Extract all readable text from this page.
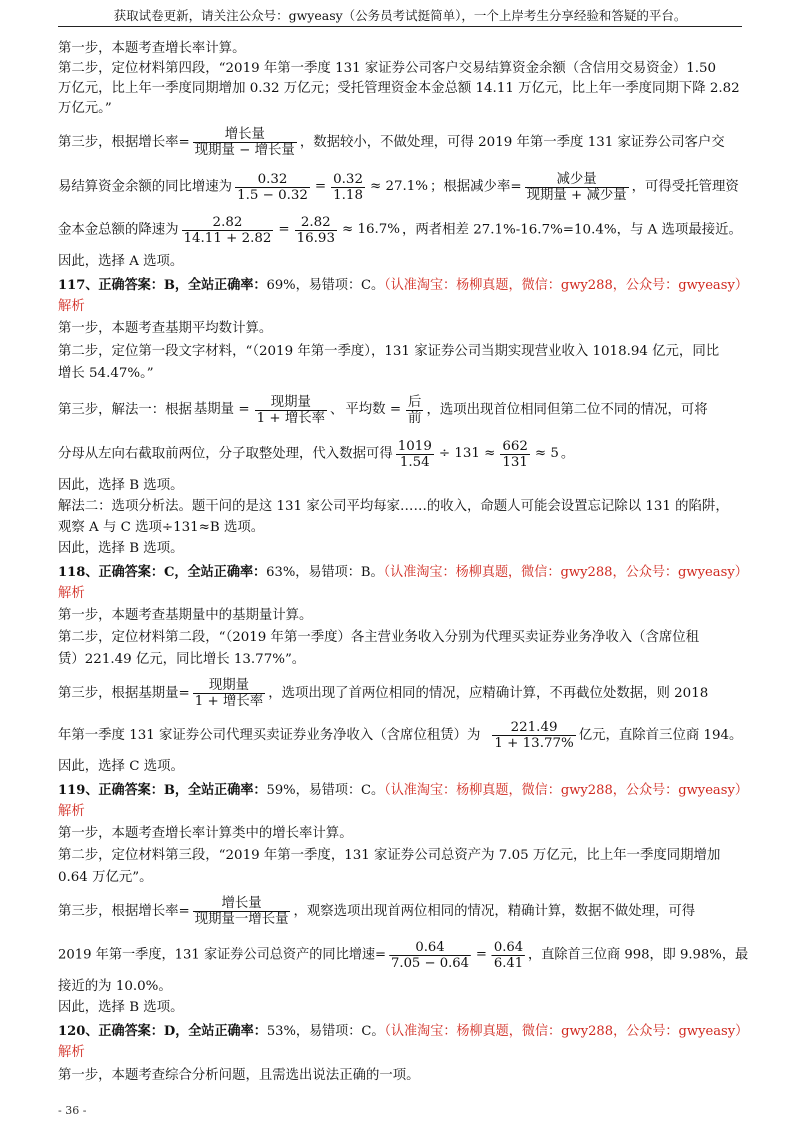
获取试卷更新，请关注公众号：gwyeasy（公务员考试挺简单），一个上岸考生分享经验和答疑的平台。
第一步，本题考查增长率计算。
第二步，定位材料第四段，“2019 年第一季度 131 家证券公司客户交易结算资金余额（含信用交易资金）1.50
万亿元，比上年一季度同期增加 0.32 万亿元；受托管理资金本金总额 14.11 万亿元，比上年一季度同期下降 2.82
万亿元。”
第三步，根据增长率= $\frac{\text{增长量}}{\text{现期量 − 增长量}}$ ，数据较小，不做处理，可得 2019 年第一季度 131 家证券公司客户交
易结算资金余额的同比增速为 $\frac{0.32}{1.5 - 0.32} = \frac{0.32}{1.18} \approx 27.1\%$ ；根据减少率= $\frac{\text{减少量}}{\text{现期量 + 减少量}}$ ，可得受托管理资
金本金总额的降速为 $\frac{2.82}{14.11 + 2.82} = \frac{2.82}{16.93} \approx 16.7\%$ ，两者相差 27.1%-16.7%=10.4%，与 A 选项最接近。
因此，选择 A 选项。
117、正确答案：B，全站正确率：69%，易错项：C。（认准淘宝：杨柳真题，微信：gwy288，公众号：gwyeasy）
解析
第一步，本题考查基期平均数计算。
第二步，定位第一段文字材料，“（2019 年第一季度），131 家证券公司当期实现营业收入 1018.94 亿元，同比
增长 54.47%。”
第三步，解法一：根据 基期量 = $\frac{\text{现期量}}{\text{1 + 增长率}}$ 、 平均数 = $\frac{\text{后}}{\text{前}}$ ，选项出现首位相同但第二位不同的情况，可将
分母从左向右截取前两位，分子取整处理，代入数据可得 $\frac{1019}{1.54} \div 131 \approx \frac{662}{131} \approx 5$ 。
因此，选择 B 选项。
解法二：选项分析法。题干问的是这 131 家公司平均每家……的收入，命题人可能会设置忘记除以 131 的陷阱，
观察 A 与 C 选项÷131≈B 选项。
因此，选择 B 选项。
118、正确答案：C，全站正确率：63%，易错项：B。（认准淘宝：杨柳真题，微信：gwy288，公众号：gwyeasy）
解析
第一步，本题考查基期量中的基期量计算。
第二步，定位材料第二段，“（2019 年第一季度）各主营业务收入分别为代理买卖证券业务净收入（含席位租
赁）221.49 亿元，同比增长 13.77%”。
第三步，根据基期量= $\frac{\text{现期量}}{\text{1 + 增长率}}$ ，选项出现了首两位相同的情况，应精确计算，不再截位处数据，则 2018
年第一季度 131 家证券公司代理买卖证券业务净收入（含席位租赁）为 $\frac{221.49}{1 + 13.77\%}$ 亿元，直除首三位商 194。
因此，选择 C 选项。
119、正确答案：B，全站正确率：59%，易错项：C。（认准淘宝：杨柳真题，微信：gwy288，公众号：gwyeasy）
解析
第一步，本题考查增长率计算类中的增长率计算。
第二步，定位材料第三段，“2019 年第一季度，131 家证券公司总资产为 7.05 万亿元，比上年一季度同期增加
0.64 万亿元”。
第三步，根据增长率= $\frac{\text{增长量}}{\text{现期量一增长量}}$ ，观察选项出现首两位相同的情况，精确计算，数据不做处理，可得
2019 年第一季度，131 家证券公司总资产的同比增速= $\frac{0.64}{7.05 - 0.64} = \frac{0.64}{6.41}$ ，直除首三位商 998，即 9.98%，最
接近的为 10.0%。
因此，选择 B 选项。
120、正确答案：D，全站正确率：53%，易错项：C。（认准淘宝：杨柳真题，微信：gwy288，公众号：gwyeasy）
解析
第一步，本题考查综合分析问题，且需选出说法正确的一项。
- 36 -
